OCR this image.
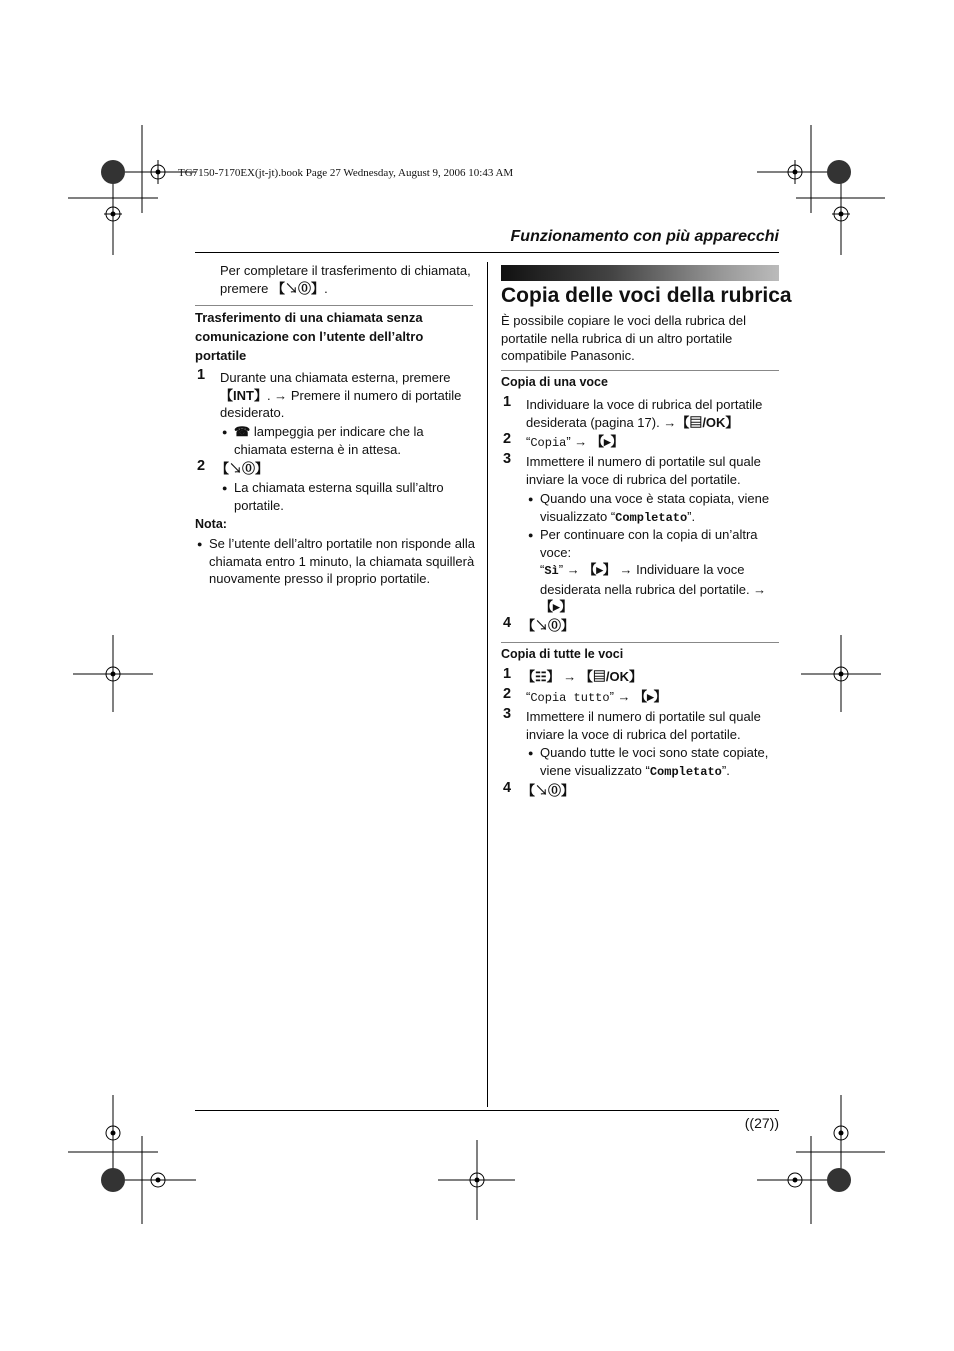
TG7150-7170EX(jt-jt).book Page 27 Wednesday, August 9, 2006 10:43 AM
Funzionamento con più apparecchi

Per completare il trasferimento di chiamata,

premere 【↘⓪】.

Trasferimento di una chiamata senza

comunicazione con l’utente dell’altro

portatile

1 Durante una chiamata esterna, premere

【INT】. → Premere il numero di portatile

desiderato.

☎ lampeggia per indicare che la

chiamata esterna è in attesa.

2 【↘⓪】

La chiamata esterna squilla sull’altro

portatile.

Nota:

Se l’utente dell’altro portatile non risponde alla

chiamata entro 1 minuto, la chiamata squillerà

nuovamente presso il proprio portatile.

Copia delle voci della rubrica

È possibile copiare le voci della rubrica del

portatile nella rubrica di un altro portatile

compatibile Panasonic.

Copia di una voce

1 Individuare la voce di rubrica del portatile

desiderata (pagina 17). →【▤/OK】

2 “Copia” → 【▸】

3 Immettere il numero di portatile sul quale

inviare la voce di rubrica del portatile.

Quando una voce è stata copiata, viene

visualizzato “Completato”.

Per continuare con la copia di un’altra

voce:

“Sì” → 【▸】 → Individuare la voce

desiderata nella rubrica del portatile. →

【▸】

4 【↘⓪】

Copia di tutte le voci

1 【☷】 → 【▤/OK】

2 “Copia tutto” → 【▸】

3 Immettere il numero di portatile sul quale

inviare la voce di rubrica del portatile.

Quando tutte le voci sono state copiate,

viene visualizzato “Completato”.

4 【↘⓪】
((27))
